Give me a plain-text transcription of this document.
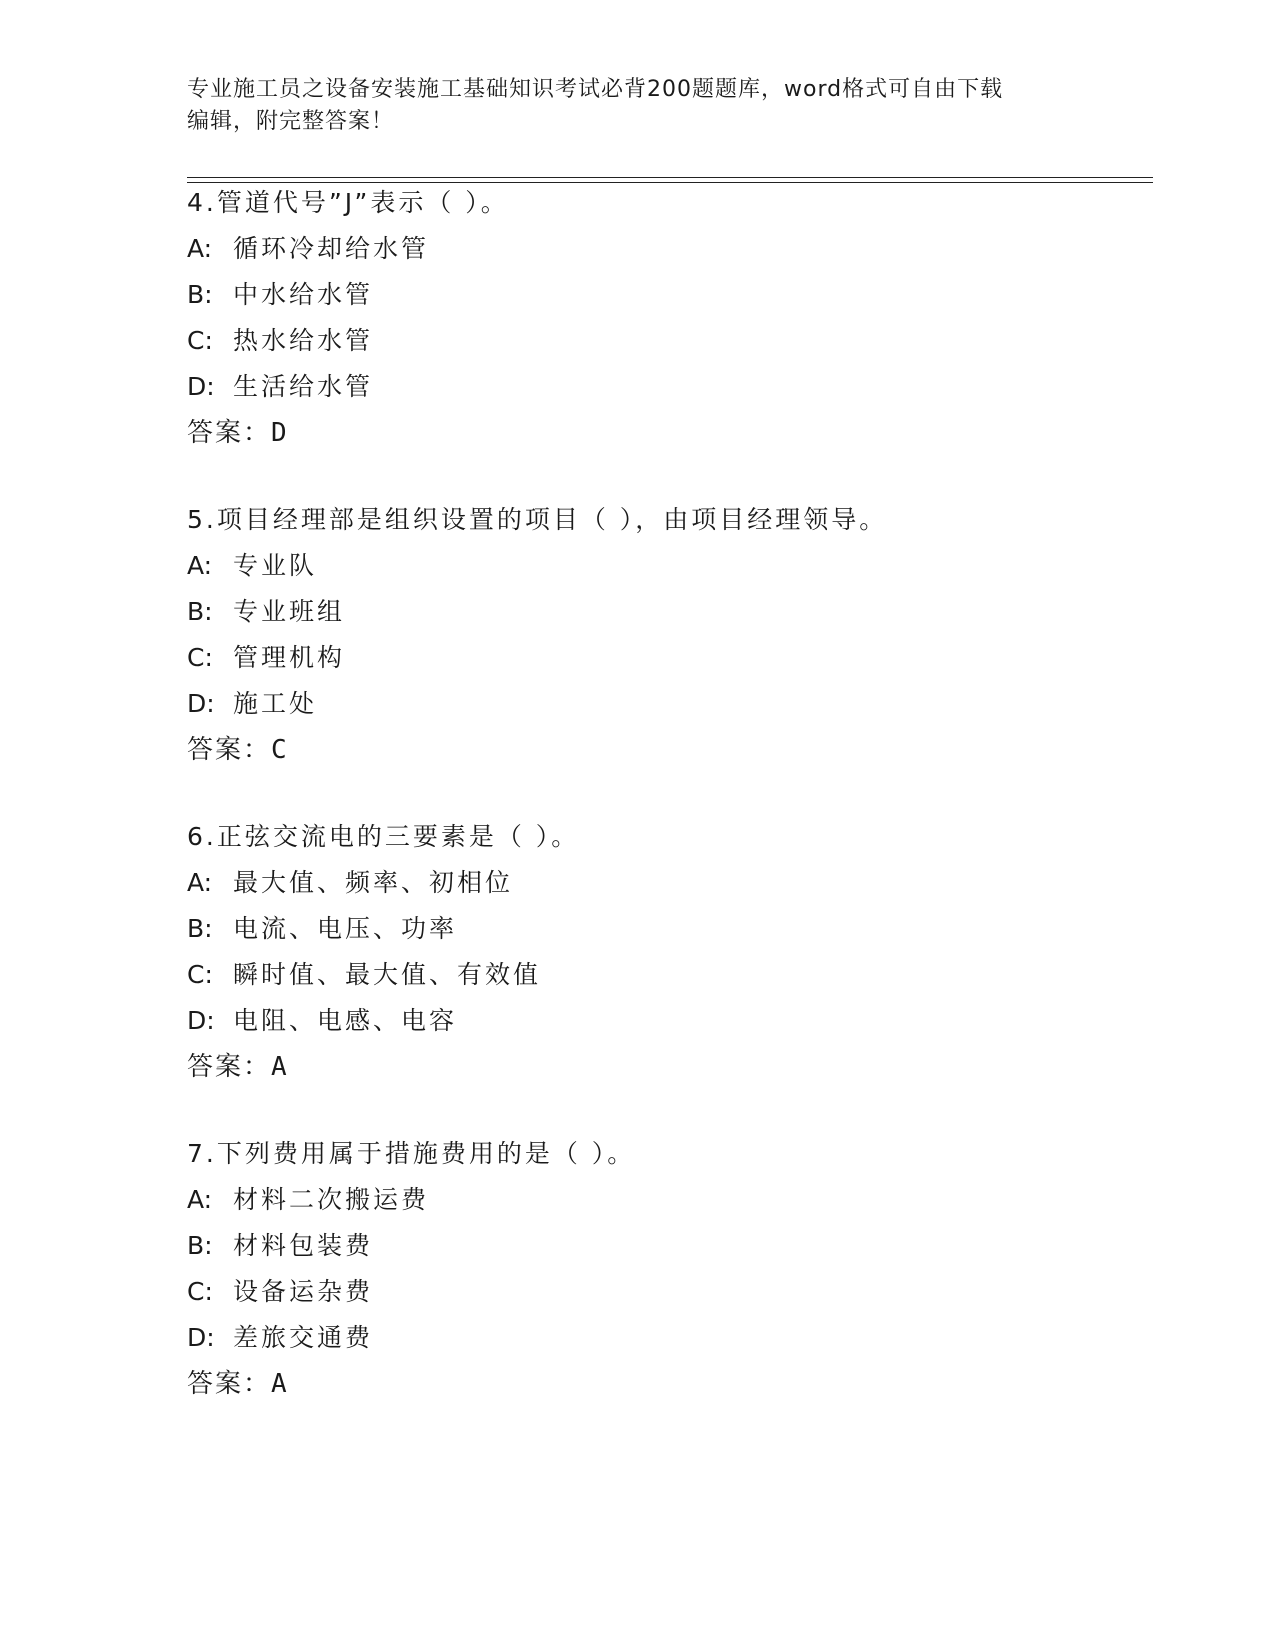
专业施工员之设备安装施工基础知识考试必背200题题库，word格式可自由下载
编辑，附完整答案！
4.管道代号”J”表示（ ）。
A: 循环冷却给水管
B: 中水给水管
C: 热水给水管
D: 生活给水管
答案：D
5.项目经理部是组织设置的项目（ ），由项目经理领导。
A: 专业队
B: 专业班组
C: 管理机构
D: 施工处
答案：C
6.正弦交流电的三要素是（ ）。
A: 最大值、频率、初相位
B: 电流、电压、功率
C: 瞬时值、最大值、有效值
D: 电阻、电感、电容
答案：A
7.下列费用属于措施费用的是（ ）。
A: 材料二次搬运费
B: 材料包装费
C: 设备运杂费
D: 差旅交通费
答案：A
